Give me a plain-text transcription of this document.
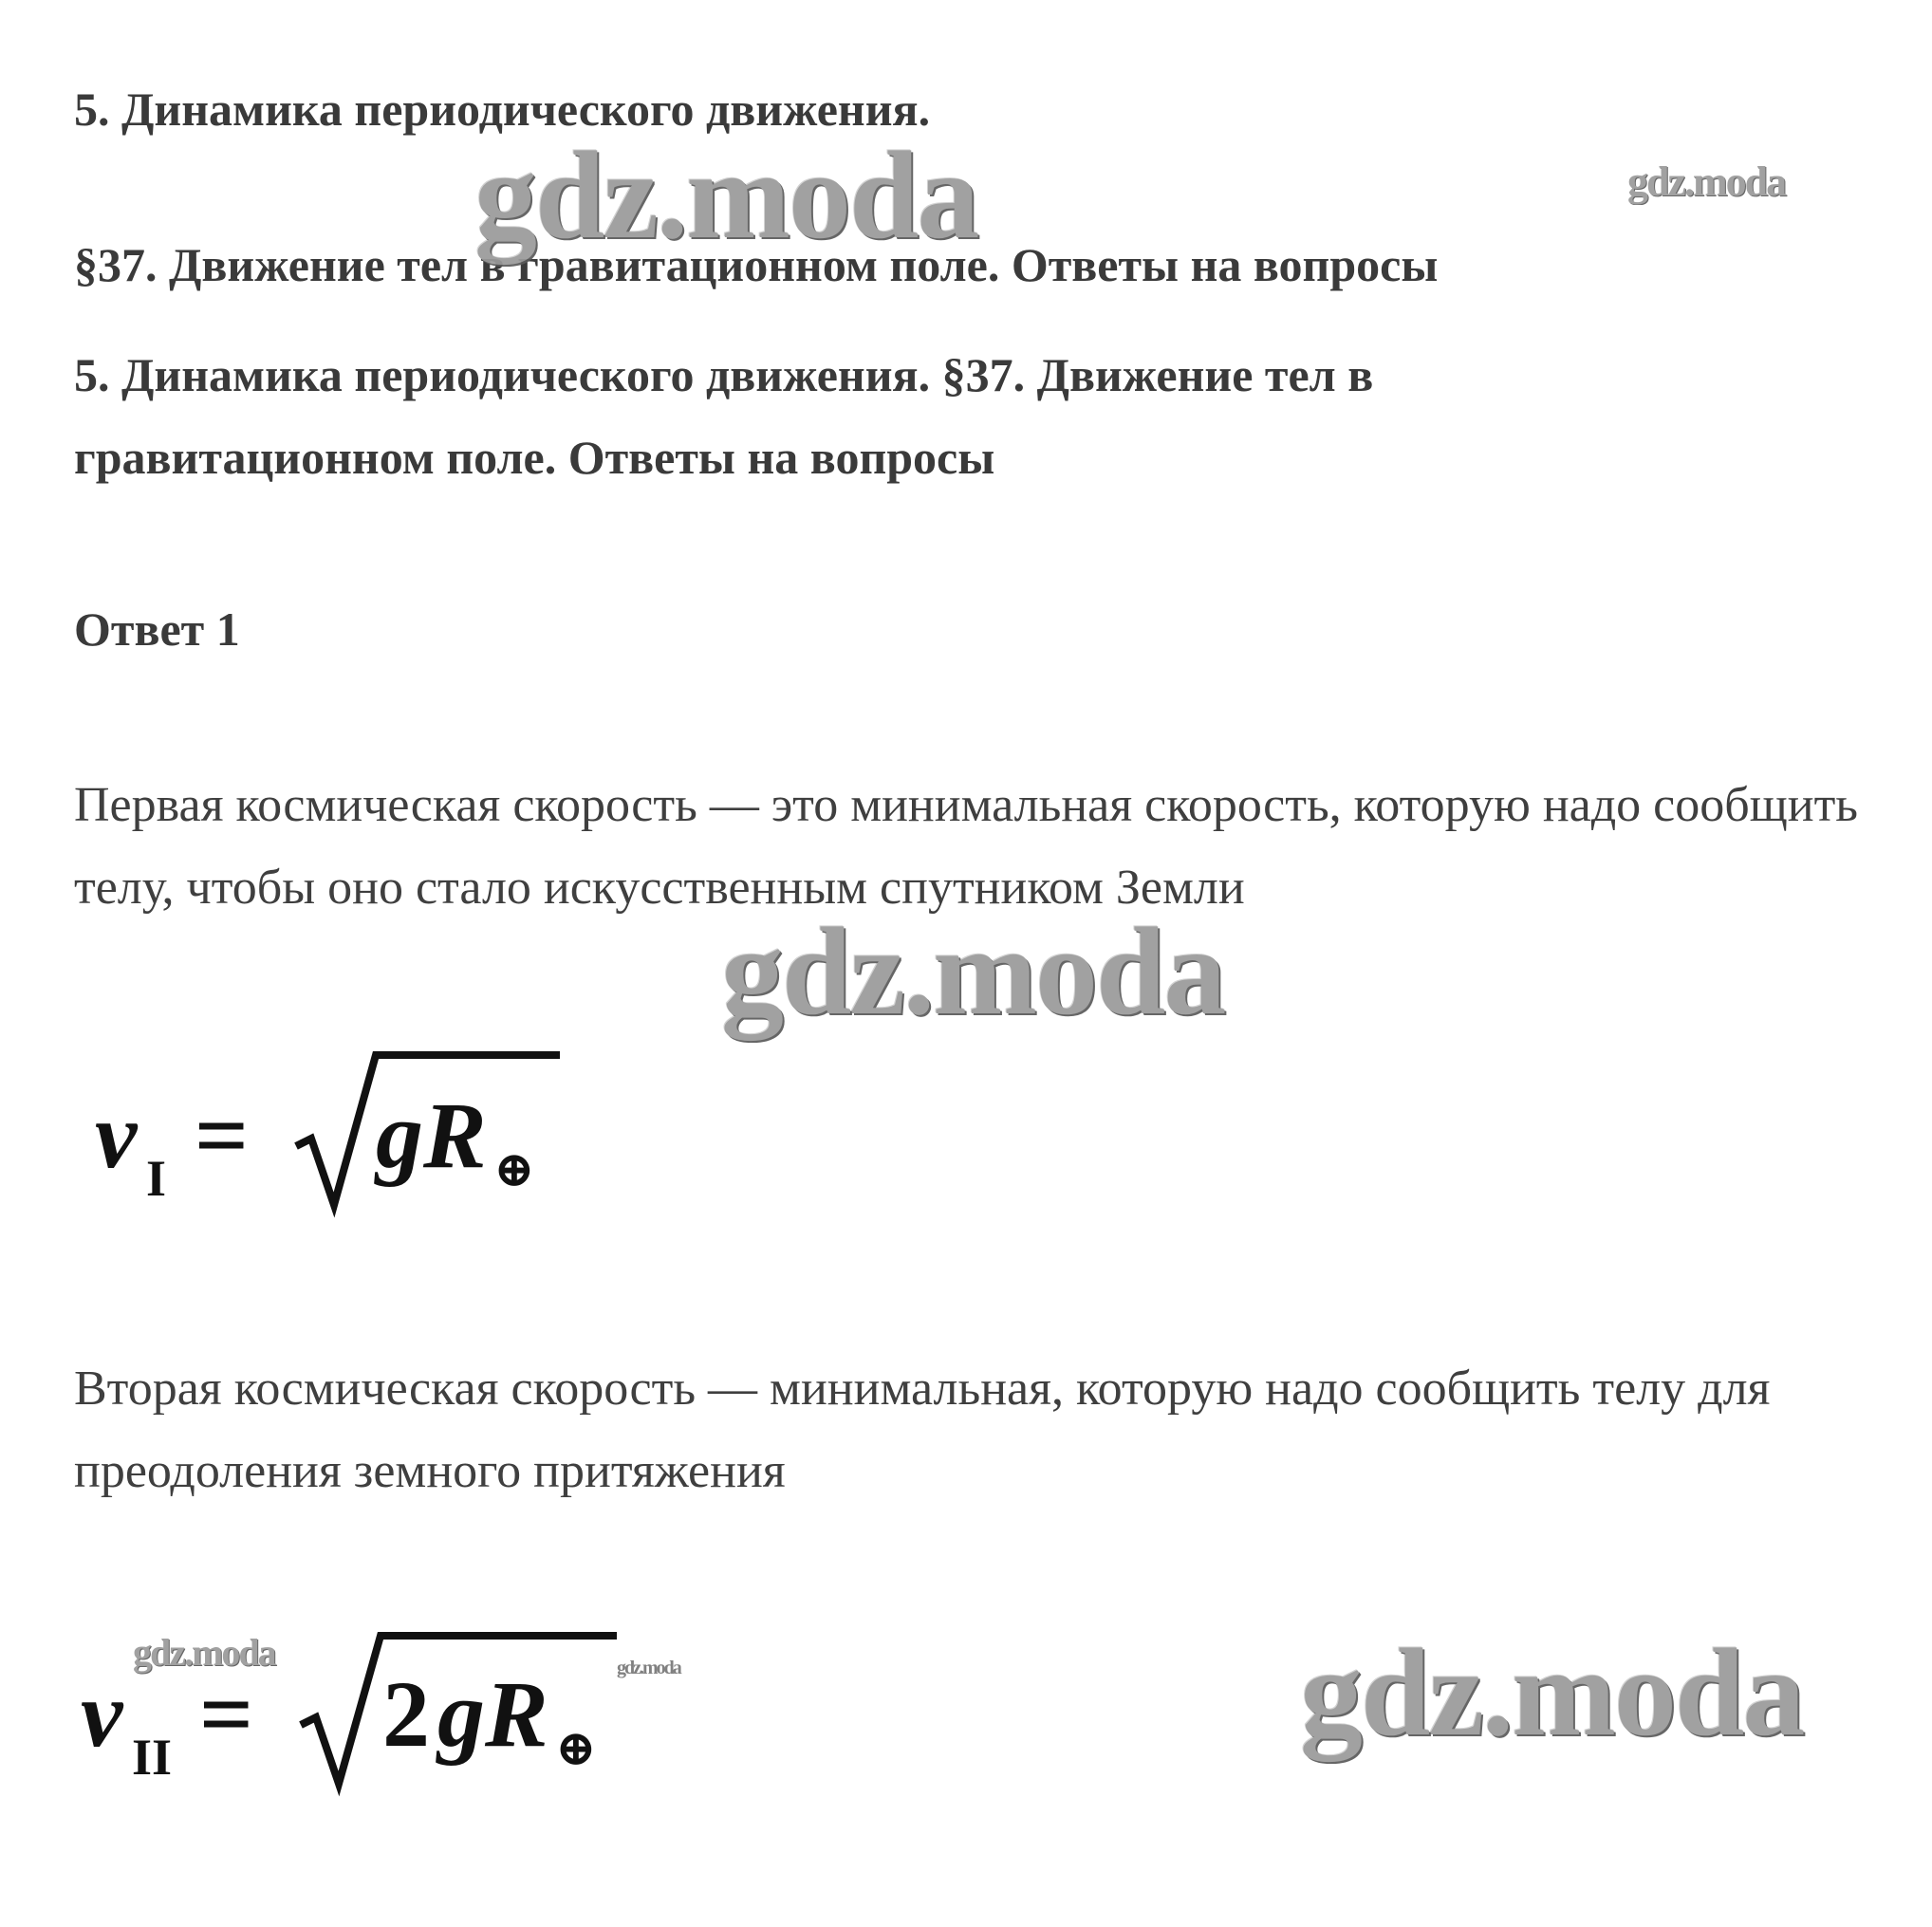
5. Динамика периодического движения.

§37. Движение тел в гравитационном поле. Ответы на вопросы

5. Динамика периодического движения. §37. Движение тел в

гравитационном поле. Ответы на вопросы

Ответ 1

Первая космическая скорость — это минимальная скорость, которую надо сообщить телу, чтобы оно стало искусственным спутником Земли

v I = gR ⊕

Вторая космическая скорость — минимальная, которую надо сообщить телу для преодоления земного притяжения

v II = 2 gR ⊕
gdz.moda	gdz.moda
gdz.moda
gdz.moda	gdz.moda	gdz.moda
